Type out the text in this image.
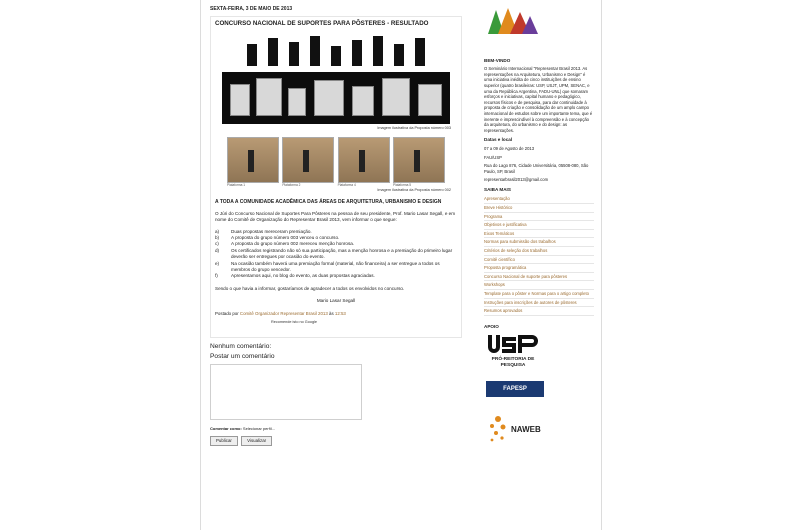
SEXTA-FEIRA, 3 DE MAIO DE 2013
CONCURSO NACIONAL DE SUPORTES PARA PÔSTERES - RESULTADO
Imagem ilustrativa da Proposta número 003
Plataforma 1	Plataforma 2	Plataforma 4	Plataforma 5
Imagem ilustrativa da Proposta número 002
A TODA A COMUNIDADE ACADÊMICA DAS ÁREAS DE ARQUITETURA, URBANISMO E DESIGN

O Júri do Concurso Nacional de Suportes Para Pôsteres na pessoa de seu presidente, Prof. Mario Lasar Segall, e em nome do Comitê de Organização do Representar Brasil 2013, vem informar o que segue:

a)	Duas propostas mereceram premiação.
b)	A proposta do grupo número 003 venceu o concurso.
c)	A proposta do grupo número 002 mereceu menção honrosa.
d)	Os certificados registrando não só sua participação, mas a menção honrosa e a premiação do primeiro lugar deverão ser entregues por ocasião do evento.
e)	Na ocasião também haverá uma premiação formal (material, não financeira) a ser entregue a todos os membros do grupo vencedor.
f)	Apresentamos aqui, no blog do evento, as duas propostas agraciadas.

Sendo o que havia a informar, gostaríamos de agradecer a todos os envolvidos no concurso.

Mario Lasar Segall
Postado por Comitê Organizador Representar Brasil 2013 às 12:53
Recomende isto no Google
Nenhum comentário:
Postar um comentário
Comentar como: Selecionar perfil...
Publicar	Visualizar
BEM-VINDO

O Seminário Internacional "Representar Brasil 2013. As representações na Arquitetura, Urbanismo e Design" é uma iniciativa inédita de cinco instituições de ensino superior (quatro brasileiras: USP, USJT, UPM, SENAC, e uma da República Argentina, FADU-UNL) que somaram esforços e iniciativas, capital humano e pedagógico, recursos físicos e de pesquisa, para dar continuidade à proposta de criação e consolidação de um amplo campo internacional de estudos sobre um importante tema, que é inerente e imprescindível à compreensão e à concepção da arquitetura, do urbanismo e do design: as representações.

Datas e local

07 a 09 de Agosto de 2013

FAU/USP

Rua do Lago 876, Cidade Universitária, 05508-080, São Paulo, SP, Brasil

representarbrasil2013@gmail.com

SAIBA MAIS
Apresentação
Breve Histórico
Programa
Objetivos e justificativa
Eixos Temáticos
Normas para submissão dos trabalhos
Critérios de seleção dos trabalhos
Comitê científico
Proposta programática
Concurso Nacional de suporte para pôsteres
Workshops
Template para o pôster e Normas para o artigo completo
Instruções para inscrições de autores de pôsteres
Resumos aprovados
APOIO
PRÓ-REITORIA DE PESQUISA
FAPESP
NAWEB
